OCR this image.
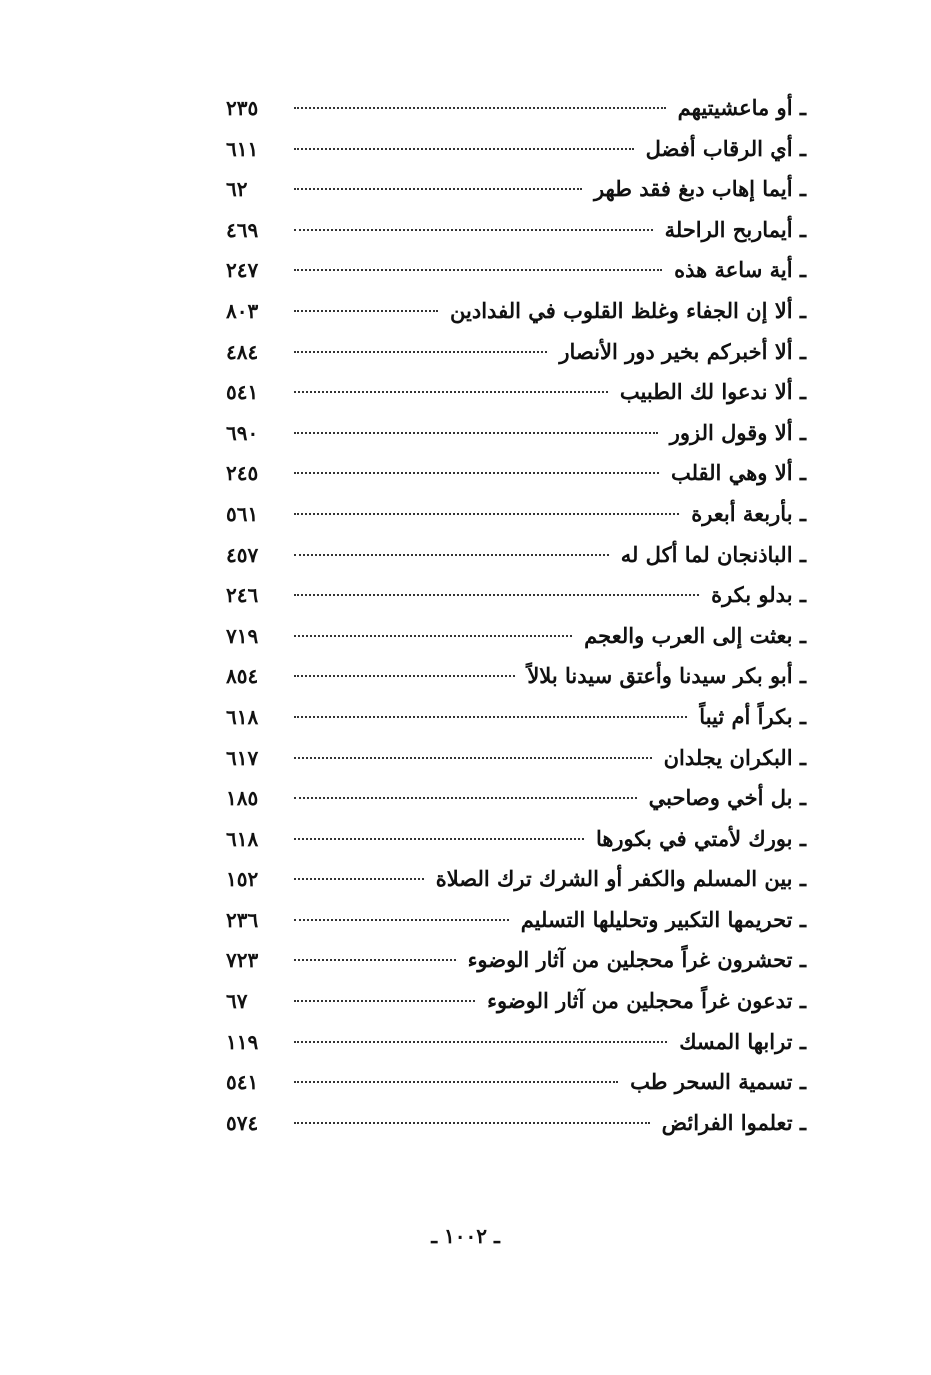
ـ أو ماعشيتيهم
٢٣٥
ـ أي الرقاب أفضل
٦١١
ـ أيما إهاب دبغ فقد طهر
٦٢
ـ أيماربح الراحلة
٤٦٩
ـ أية ساعة هذه
٢٤٧
ـ ألا إن الجفاء وغلظ القلوب في الفدادين
٨٠٣
ـ ألا أخبركم بخير دور الأنصار
٤٨٤
ـ ألا ندعوا لك الطبيب
٥٤١
ـ ألا وقول الزور
٦٩٠
ـ ألا وهي القلب
٢٤٥
ـ بأربعة أبعرة
٥٦١
ـ الباذنجان لما أكل له
٤٥٧
ـ بدلو بكرة
٢٤٦
ـ بعثت إلى العرب والعجم
٧١٩
ـ أبو بكر سيدنا وأعتق سيدنا بلالاً
٨٥٤
ـ بكراً أم ثيباً
٦١٨
ـ البكران يجلدان
٦١٧
ـ بل أخي وصاحبي
١٨٥
ـ بورك لأمتي في بكورها
٦١٨
ـ بين المسلم والكفر أو الشرك ترك الصلاة
١٥٢
ـ تحريمها التكبير وتحليلها التسليم
٢٣٦
ـ تحشرون غراً محجلين من آثار الوضوء
٧٢٣
ـ تدعون غراً محجلين من آثار الوضوء
٦٧
ـ ترابها المسك
١١٩
ـ تسمية السحر طب
٥٤١
ـ تعلموا الفرائض
٥٧٤
ـ ١٠٠٢ ـ
